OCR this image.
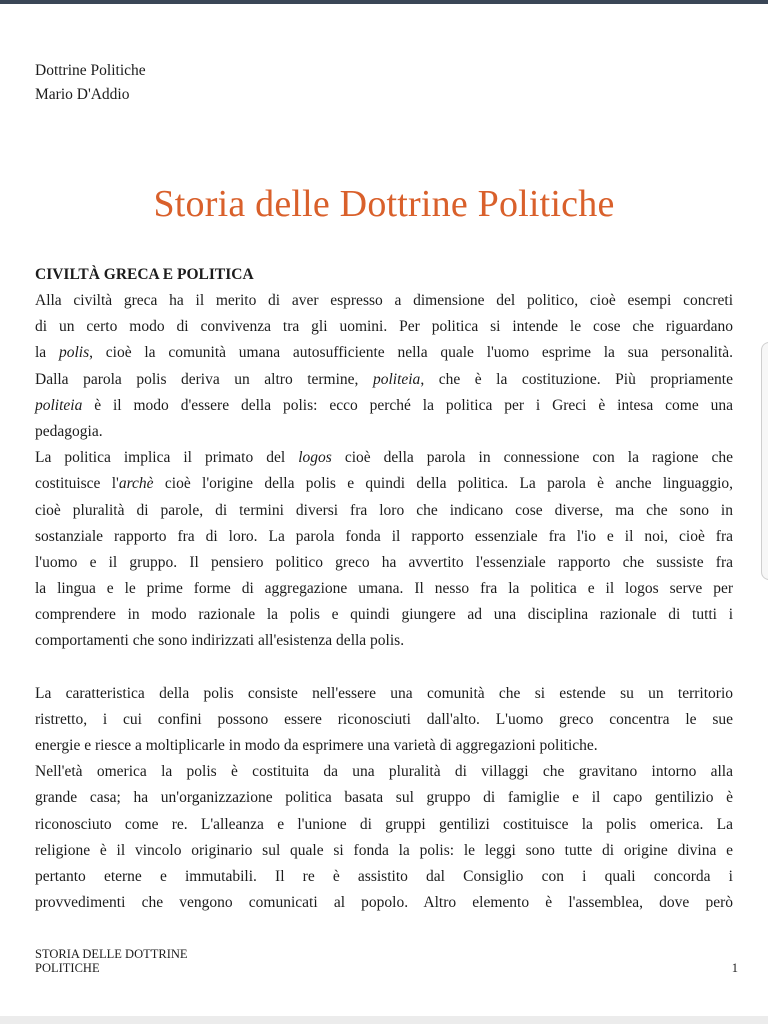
Dottrine Politiche
Mario D'Addio
Storia delle Dottrine Politiche
CIVILTÀ GRECA E POLITICA
Alla civiltà greca ha il merito di aver espresso a dimensione del politico, cioè esempi concreti
di un certo modo di convivenza tra gli uomini. Per politica si intende le cose che riguardano
la polis, cioè la comunità umana autosufficiente nella quale l'uomo esprime la sua personalità.
Dalla parola polis deriva un altro termine, politeia, che è la costituzione. Più propriamente
politeia è il modo d'essere della polis: ecco perché la politica per i Greci è intesa come una
pedagogia.
La politica implica il primato del logos cioè della parola in connessione con la ragione che
costituisce l'archè cioè l'origine della polis e quindi della politica. La parola è anche linguaggio,
cioè pluralità di parole, di termini diversi fra loro che indicano cose diverse, ma che sono in
sostanziale rapporto fra di loro. La parola fonda il rapporto essenziale fra l'io e il noi, cioè fra
l'uomo e il gruppo. Il pensiero politico greco ha avvertito l'essenziale rapporto che sussiste fra
la lingua e le prime forme di aggregazione umana. Il nesso fra la politica e il logos serve per
comprendere in modo razionale la polis e quindi giungere ad una disciplina razionale di tutti i
comportamenti che sono indirizzati all'esistenza della polis.
La caratteristica della polis consiste nell'essere una comunità che si estende su un territorio
ristretto, i cui confini possono essere riconosciuti dall'alto. L'uomo greco concentra le sue
energie e riesce a moltiplicarle in modo da esprimere una varietà di aggregazioni politiche.
Nell'età omerica la polis è costituita da una pluralità di villaggi che gravitano intorno alla
grande casa; ha un'organizzazione politica basata sul gruppo di famiglie e il capo gentilizio è
riconosciuto come re. L'alleanza e l'unione di gruppi gentilizi costituisce la polis omerica. La
religione è il vincolo originario sul quale si fonda la polis: le leggi sono tutte di origine divina e
pertanto eterne e immutabili. Il re è assistito dal Consiglio con i quali concorda i
provvedimenti che vengono comunicati al popolo. Altro elemento è l'assemblea, dove però
STORIA DELLE DOTTRINE
POLITICHE	1
